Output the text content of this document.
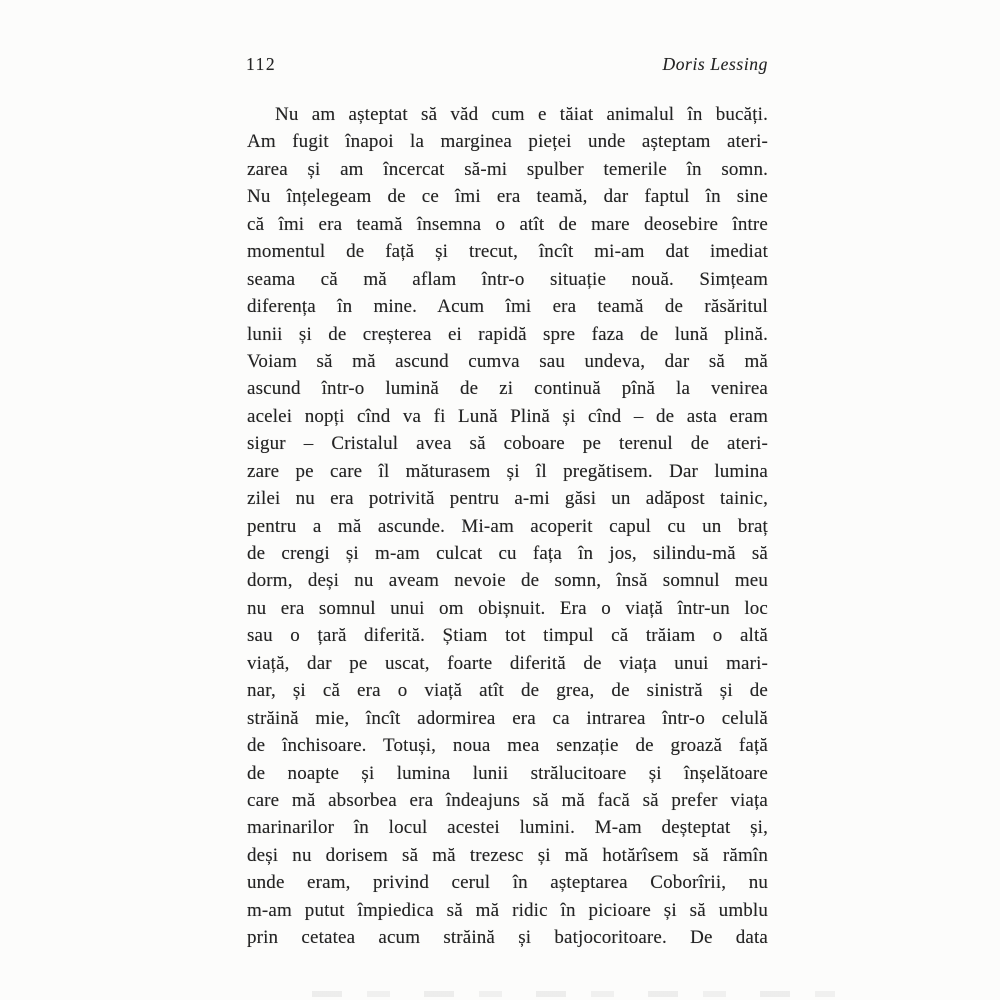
112	Doris Lessing
Nu am așteptat să văd cum e tăiat animalul în bucăți.
Am fugit înapoi la marginea pieței unde așteptam ateri-
zarea și am încercat să-mi spulber temerile în somn.
Nu înțelegeam de ce îmi era teamă, dar faptul în sine
că îmi era teamă însemna o atît de mare deosebire între
momentul de față și trecut, încît mi-am dat imediat
seama că mă aflam într-o situație nouă. Simțeam
diferența în mine. Acum îmi era teamă de răsăritul
lunii și de creșterea ei rapidă spre faza de lună plină.
Voiam să mă ascund cumva sau undeva, dar să mă
ascund într-o lumină de zi continuă pînă la venirea
acelei nopți cînd va fi Lună Plină și cînd – de asta eram
sigur – Cristalul avea să coboare pe terenul de ateri-
zare pe care îl măturasem și îl pregătisem. Dar lumina
zilei nu era potrivită pentru a-mi găsi un adăpost tainic,
pentru a mă ascunde. Mi-am acoperit capul cu un braț
de crengi și m-am culcat cu fața în jos, silindu-mă să
dorm, deși nu aveam nevoie de somn, însă somnul meu
nu era somnul unui om obișnuit. Era o viață într-un loc
sau o țară diferită. Știam tot timpul că trăiam o altă
viață, dar pe uscat, foarte diferită de viața unui mari-
nar, și că era o viață atît de grea, de sinistră și de
străină mie, încît adormirea era ca intrarea într-o celulă
de închisoare. Totuși, noua mea senzație de groază față
de noapte și lumina lunii strălucitoare și înșelătoare
care mă absorbea era îndeajuns să mă facă să prefer viața
marinarilor în locul acestei lumini. M-am deșteptat și,
deși nu dorisem să mă trezesc și mă hotărîsem să rămîn
unde eram, privind cerul în așteptarea Coborîrii, nu
m-am putut împiedica să mă ridic în picioare și să umblu
prin cetatea acum străină și batjocoritoare. De data
